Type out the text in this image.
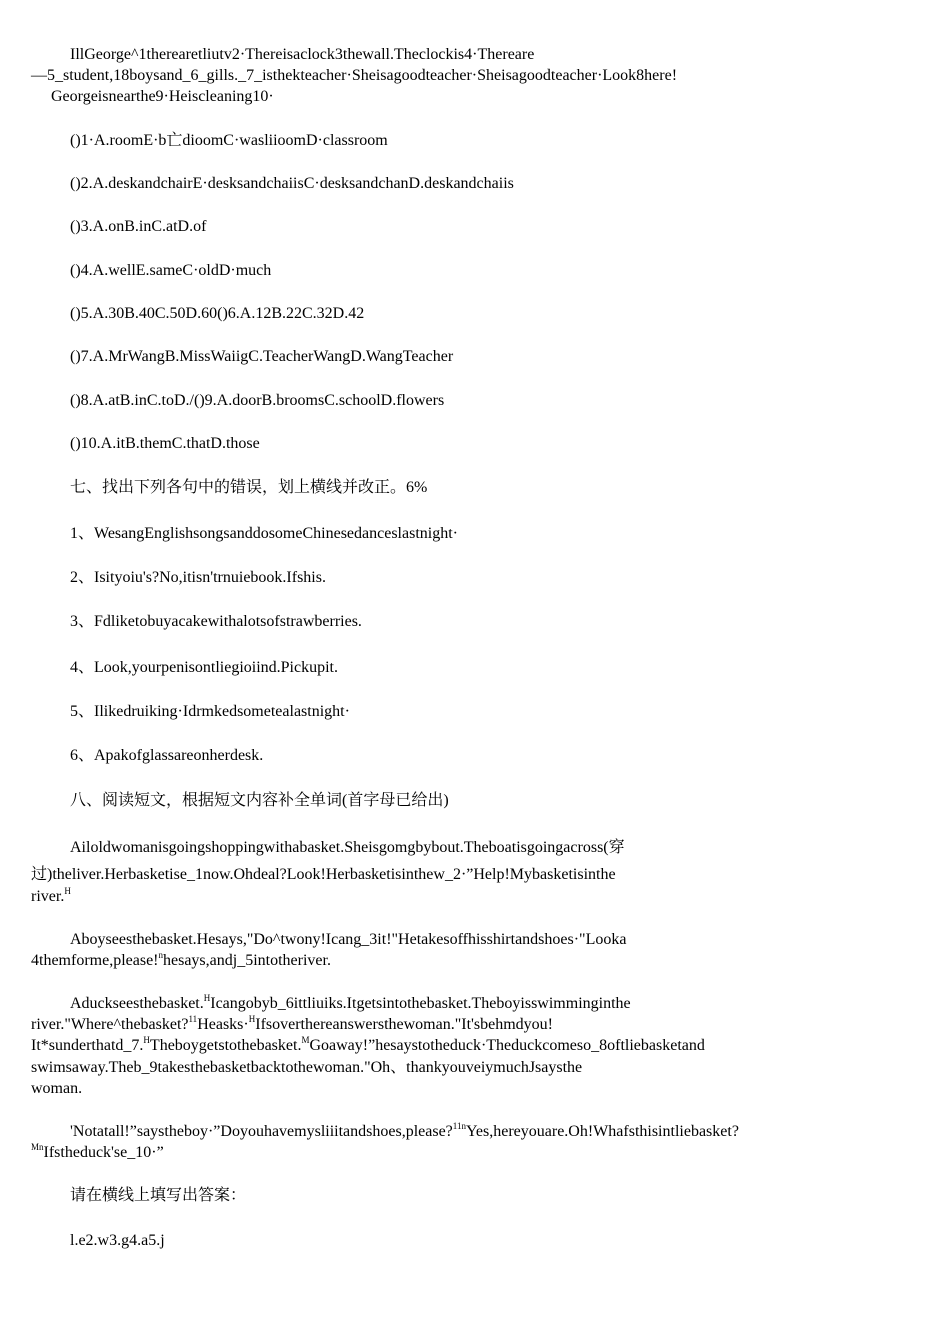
IllGeorge^1therearetliutv2·Thereisaclock3thewall.Theclockis4·Thereare
—5_student,18boysand_6_gills._7_isthekteacher·Sheisagoodteacher·Sheisagoodteacher·Look8here!
Georgeisnearthe9·Heiscleaning10·
()1·A.roomE·b亡dioomC·wasliioomD·classroom
()2.A.deskandchairE·desksandchaiisC·desksandchanD.deskandchaiis
()3.A.onB.inC.atD.of
()4.A.wellE.sameC·oldD·much
()5.A.30B.40C.50D.60()6.A.12B.22C.32D.42
()7.A.MrWangB.MissWaiigC.TeacherWangD.WangTeacher
()8.A.atB.inC.toD./()9.A.doorB.broomsC.schoolD.flowers
()10.A.itB.themC.thatD.those
七、找出下列各句中的错误，划上横线并改正。6%
1、WesangEnglishsongsanddosomeChinesedanceslastnight·
2、Isityoiu's?No,itisn'trnuiebook.Ifshis.
3、Fdliketobuyacakewithalotsofstrawberries.
4、Look,yourpenisontliegioiind.Pickupit.
5、Ilikedruiking·Idrmkedsometealastnight·
6、Apakofglassareonherdesk.
八、阅读短文，根据短文内容补全单词(首字母已给出)
Ailoldwomanisgoingshoppingwithabasket.Sheisgomgbybout.Theboatisgoingacross(穿
过)theliver.Herbasketise_1now.Ohdeal?Look!Herbasketisinthew_2·”Help!Mybasketisinthe
river.$^H$
Aboyseesthebasket.Hesays,"Do^twony!Icang_3it!"Hetakesoffhisshirtandshoes·"Looka
4themforme,please!$^n$hesays,andj_5intotheriver.
Aduckseesthebasket.$^H$Icangobyb_6ittliuiks.Itgetsintothebasket.Theboyisswimminginthe
river."Where^thebasket?$^{11}$Heasks·$^H$Ifsoverthereanswersthewoman."It'sbehmdyou!
It*sunderthatd_7.$^H$Theboygetstothebasket.$^M$Goaway!”hesaystotheduck·Theduckcomeso_8oftliebasketand
swimsaway.Theb_9takesthebasketbacktothewoman."Oh、thankyouveiymuchJsaysthe
woman.
'Notatall!”saystheboy·”Doyouhavemysliiitandshoes,please?$^{11n}$Yes,hereyouare.Oh!Whafsthisintliebasket?
$^{Mn}$Ifstheduck'se_10·”
请在横线上填写出答案：
l.e2.w3.g4.a5.j
